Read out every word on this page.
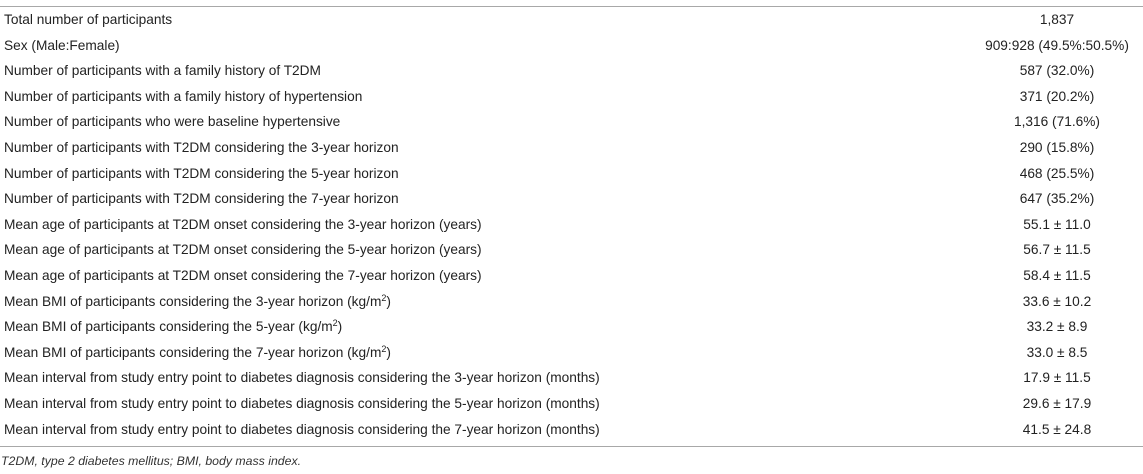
Total number of participants	1,837
Sex (Male:Female)	909:928 (49.5%:50.5%)
Number of participants with a family history of T2DM	587 (32.0%)
Number of participants with a family history of hypertension	371 (20.2%)
Number of participants who were baseline hypertensive	1,316 (71.6%)
Number of participants with T2DM considering the 3-year horizon	290 (15.8%)
Number of participants with T2DM considering the 5-year horizon	468 (25.5%)
Number of participants with T2DM considering the 7-year horizon	647 (35.2%)
Mean age of participants at T2DM onset considering the 3-year horizon (years)	55.1 ± 11.0
Mean age of participants at T2DM onset considering the 5-year horizon (years)	56.7 ± 11.5
Mean age of participants at T2DM onset considering the 7-year horizon (years)	58.4 ± 11.5
Mean BMI of participants considering the 3-year horizon $(kg/m^2)$	33.6 ± 10.2
Mean BMI of participants considering the 5-year $(kg/m^2)$	33.2 ± 8.9
Mean BMI of participants considering the 7-year horizon $(kg/m^2)$	33.0 ± 8.5
Mean interval from study entry point to diabetes diagnosis considering the 3-year horizon (months)	17.9 ± 11.5
Mean interval from study entry point to diabetes diagnosis considering the 5-year horizon (months)	29.6 ± 17.9
Mean interval from study entry point to diabetes diagnosis considering the 7-year horizon (months)	41.5 ± 24.8
T2DM, type 2 diabetes mellitus; BMI, body mass index.
